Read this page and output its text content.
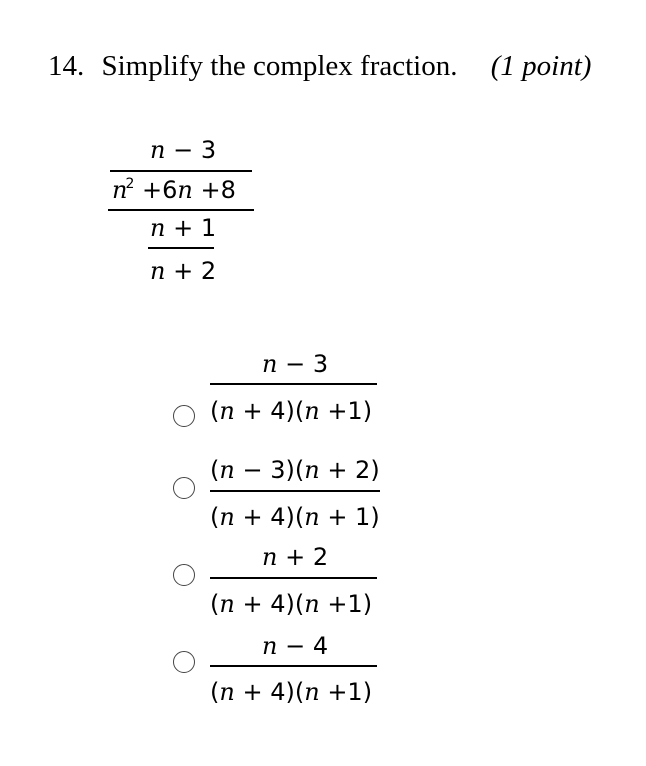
14. Simplify the complex fraction. (1 point)
n − 3
$n^2 +6n +8$
n + 1
n + 2
n − 3
(n + 4)(n +1)
(n − 3)(n + 2)
(n + 4)(n + 1)
n + 2
(n + 4)(n +1)
n − 4
(n + 4)(n +1)
